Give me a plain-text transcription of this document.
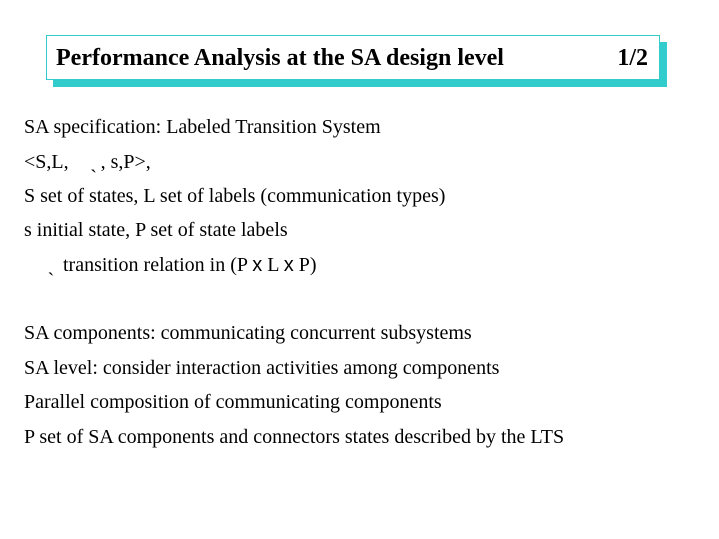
Performance Analysis at the SA design level	1/2
SA specification: Labeled Transition System
<S,L, ˎ , s,P>,
S set of states, L set of labels (communication types)
s initial state, P set of state labels
ˎ transition relation in (P x L x P)
SA components: communicating concurrent subsystems
SA level: consider interaction activities among components
Parallel composition of communicating components
P set of SA components and connectors states described by the LTS
